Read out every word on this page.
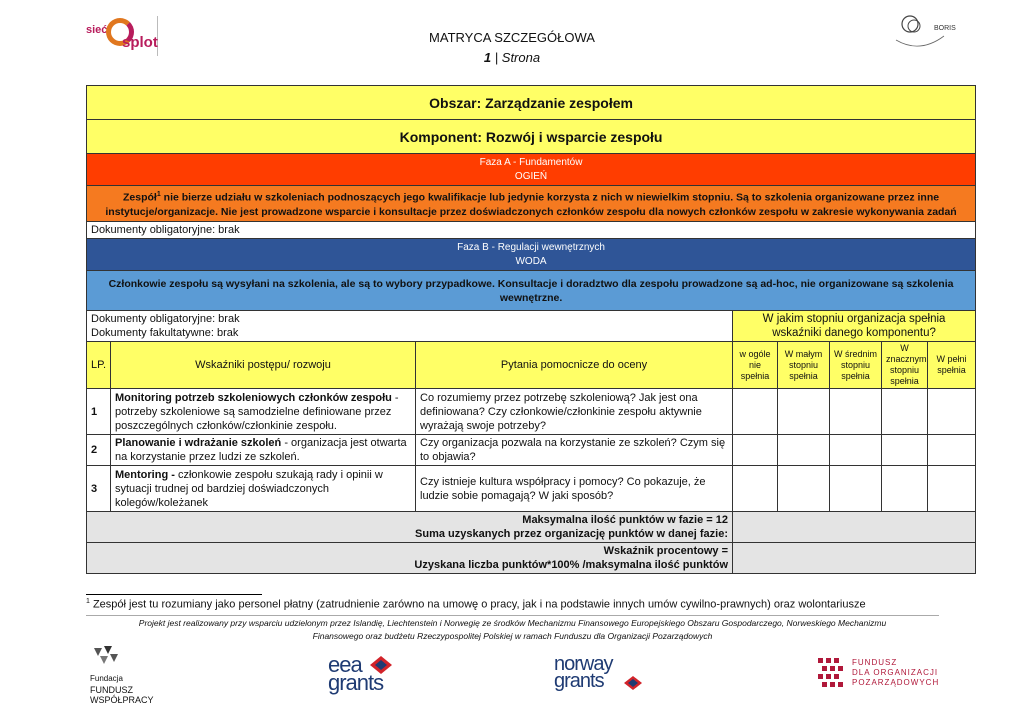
sieć
splot
BORIS
MATRYCA SZCZEGÓŁOWA
1 | Strona
Obszar: Zarządzanie zespołem							
Komponent: Rozwój i wsparcie zespołu							

Faza A - Fundamentów
OGIEŃ							

Zespół$^1$ nie bierze udziału w szkoleniach podnoszących jego kwalifikacje lub jedynie korzysta z nich w niewielkim stopniu. Są to szkolenia organizowane przez inne instytucje/organizacje. Nie jest prowadzone wsparcie i konsultacje przez doświadczonych członków zespołu dla nowych członków zespołu w zakresie wykonywania zadań							
Dokumenty obligatoryjne: brak							

Faza B - Regulacji wewnętrznych
WODA							

Członkowie zespołu są wysyłani na szkolenia, ale są to wybory przypadkowe. Konsultacje i doradztwo dla zespołu prowadzone są ad-hoc, nie organizowane są szkolenia wewnętrzne.							

Dokumenty obligatoryjne: brak
Dokumenty fakultatywne: brak			W jakim stopniu organizacja spełnia wskaźniki danego komponentu?				
LP.	Wskaźniki postępu/ rozwoju	Pytania pomocnicze do oceny	w ogóle nie spełnia	W małym stopniu spełnia	W średnim stopniu spełnia	W znacznym stopniu spełnia	W pełni spełnia
1	Monitoring potrzeb szkoleniowych członków zespołu - potrzeby szkoleniowe są samodzielne definiowane przez poszczególnych członków/członkinie zespołu.	Co rozumiemy przez potrzebę szkoleniową? Jak jest ona definiowana? Czy członkowie/członkinie zespołu aktywnie wyrażają swoje potrzeby?					
2	Planowanie i wdrażanie szkoleń - organizacja jest otwarta na korzystanie przez ludzi ze szkoleń.	Czy organizacja pozwala na korzystanie ze szkoleń? Czym się to objawia?					
3	Mentoring - członkowie zespołu szukają rady i opinii w sytuacji trudnej od bardziej doświadczonych kolegów/koleżanek	Czy istnieje kultura współpracy i pomocy? Co pokazuje, że ludzie sobie pomagają? W jaki sposób?					

Maksymalna ilość punktów w fazie = 12
Suma uzyskanych przez organizację punktów w danej fazie:							

Wskaźnik procentowy =
Uzyskana liczba punktów*100% /maksymalna ilość punktów							

$^1$ Zespół jest tu rozumiany jako personel płatny (zatrudnienie zarówno na umowę o pracy, jak i na podstawie innych umów cywilno-prawnych) oraz wolontariusze
Projekt jest realizowany przy wsparciu udzielonym przez Islandię, Liechtenstein i Norwegię ze środków Mechanizmu Finansowego Europejskiego Obszaru Gospodarczego, Norweskiego Mechanizmu
Finansowego oraz budżetu Rzeczypospolitej Polskiej w ramach Funduszu dla Organizacji Pozarządowych
Fundacja
FUNDUSZ WSPÓŁPRACY
eea
grants
norway
grants
FUNDUSZ
DLA ORGANIZACJI
POZARZĄDOWYCH
